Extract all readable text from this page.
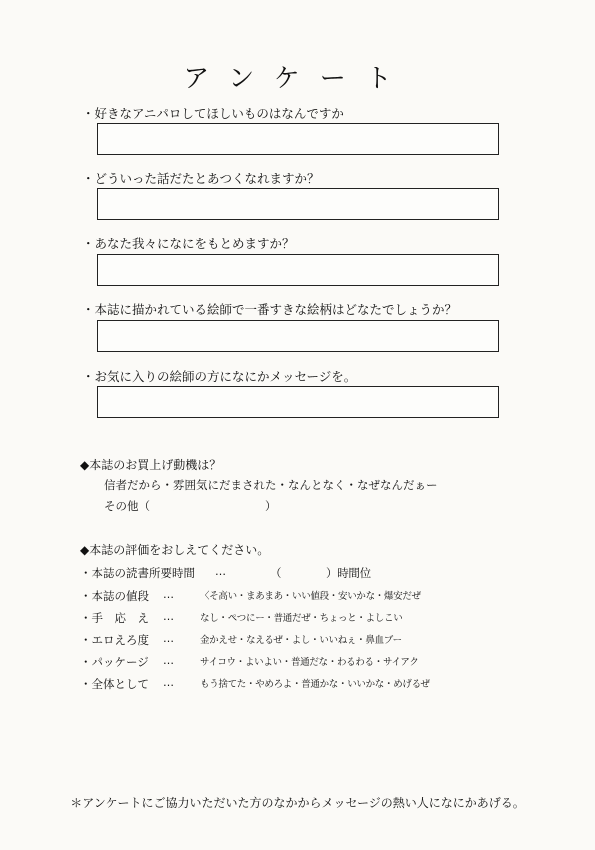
アンケート
・好きなアニパロしてほしいものはなんですか
・どういった話だたとあつくなれますか？
・あなた我々になにをもとめますか？
・本誌に描かれている絵師で一番すきな絵柄はどなたでしょうか？
・お気に入りの絵師の方になにかメッセージを。
◆本誌のお買上げ動機は？
信者だから・雰囲気にだまされた・なんとなく・なぜなんだぁー
その他（　　　　　　　　　　）
◆本誌の評価をおしえてください。
・本誌の読書所要時間 …	（　　　　）時間位
・本誌の値段 …	〈そ高い・まあまあ・いい値段・安いかな・爆安だぜ
・手　応　え …	なし・ぺつにー・普通だぜ・ちょっと・よしこい
・エロえろ度 …	金かえせ・なえるぜ・よし・いいねぇ・鼻血ブー
・パッケージ …	サイコウ・よいよい・普通だな・わるわる・サイアク
・全体として …	もう捨てた・やめろよ・普通かな・いいかな・めげるぜ
＊アンケートにご協力いただいた方のなかからメッセージの熱い人になにかあげる。
